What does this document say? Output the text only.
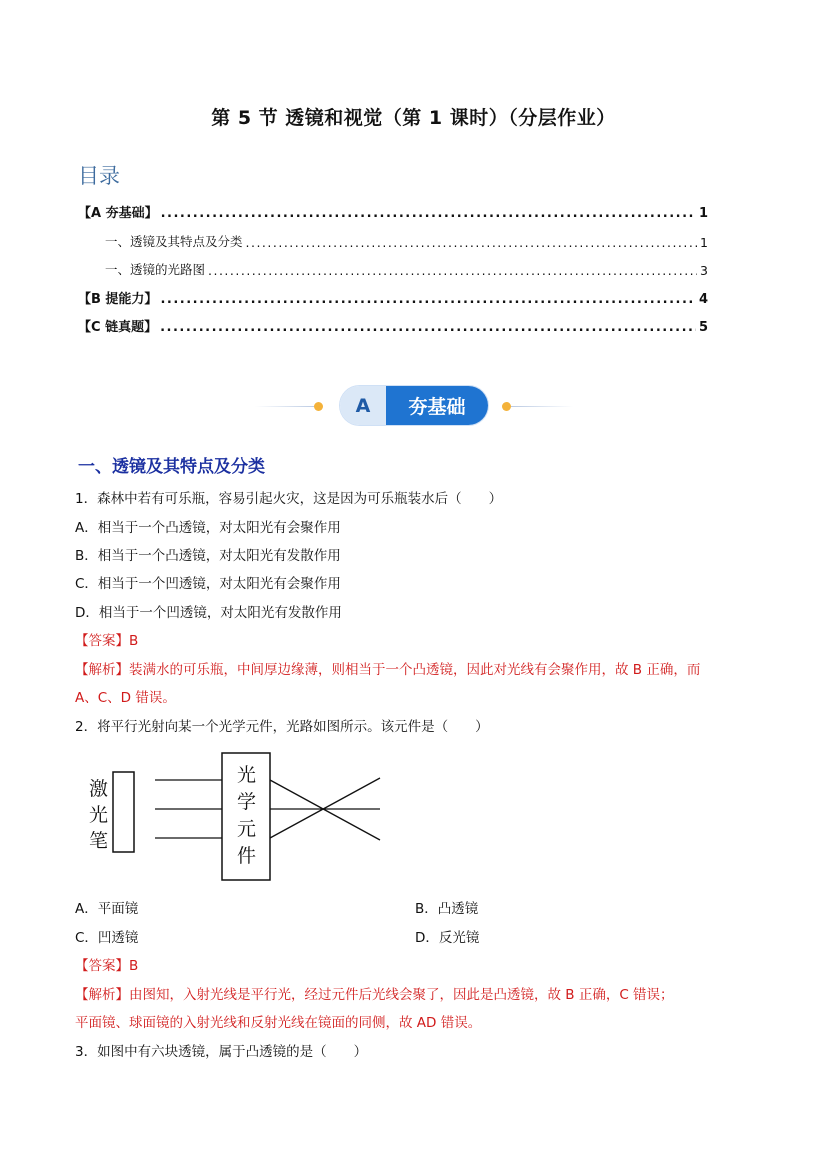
第 5 节 透镜和视觉（第 1 课时）（分层作业）
目录
【A 夯基础】 .....	1
一、透镜及其特点及分类 .....	1
一、透镜的光路图 .....	3
【B 提能力】 .....	4
【C 链真题】 .....	5
A	夯基础
一、透镜及其特点及分类
1．森林中若有可乐瓶，容易引起火灾，这是因为可乐瓶装水后（　　）
A．相当于一个凸透镜，对太阳光有会聚作用
B．相当于一个凸透镜，对太阳光有发散作用
C．相当于一个凹透镜，对太阳光有会聚作用
D．相当于一个凹透镜，对太阳光有发散作用
【答案】B
【解析】装满水的可乐瓶，中间厚边缘薄，则相当于一个凸透镜，因此对光线有会聚作用，故 B 正确，而
A、C、D 错误。
2．将平行光射向某一个光学元件，光路如图所示。该元件是（　　）
激
光
笔
光
学
元
件
A．平面镜	B．凸透镜
C．凹透镜	D．反光镜
【答案】B
【解析】由图知，入射光线是平行光，经过元件后光线会聚了，因此是凸透镜，故 B 正确，C 错误；
平面镜、球面镜的入射光线和反射光线在镜面的同侧，故 AD 错误。
3．如图中有六块透镜，属于凸透镜的是（　　）
